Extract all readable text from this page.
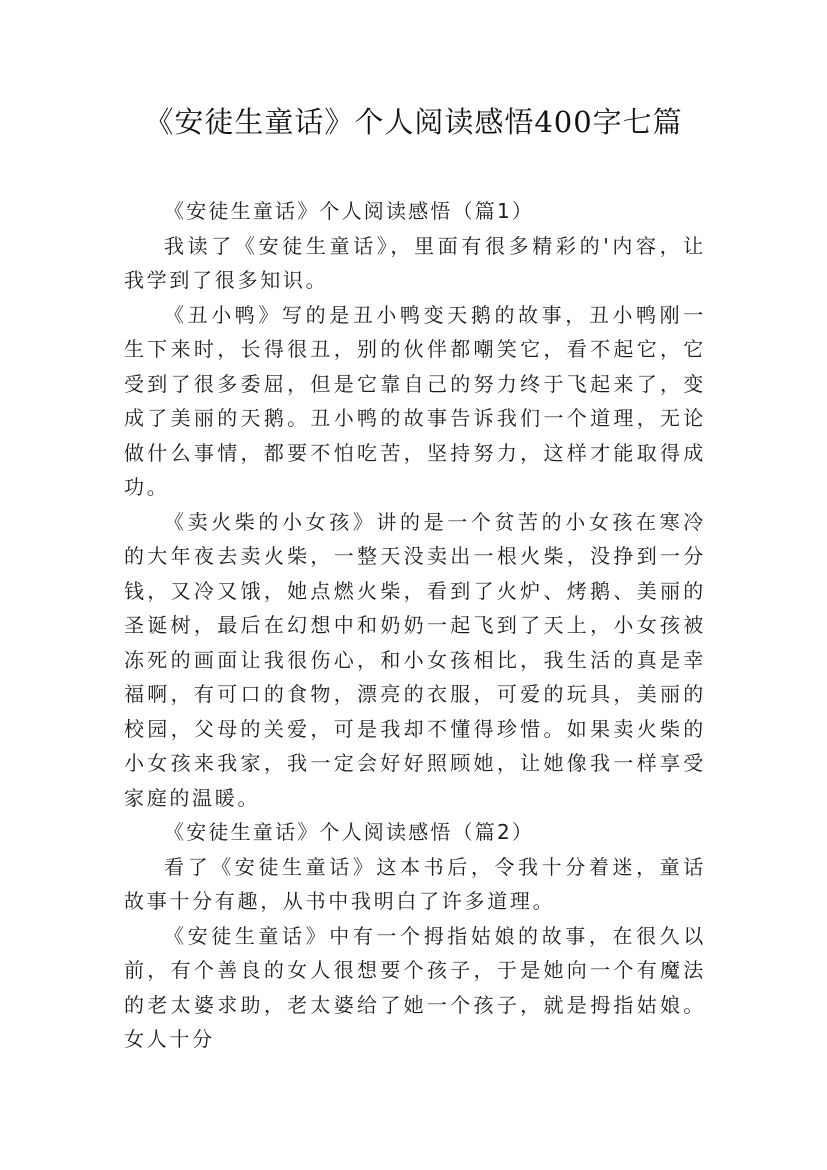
《安徒生童话》个人阅读感悟400字七篇

《安徒生童话》个人阅读感悟（篇1）

我读了《安徒生童话》，里面有很多精彩的'内容，让我学到了很多知识。

《丑小鸭》写的是丑小鸭变天鹅的故事，丑小鸭刚一生下来时，长得很丑，别的伙伴都嘲笑它，看不起它，它受到了很多委屈，但是它靠自己的努力终于飞起来了，变成了美丽的天鹅。丑小鸭的故事告诉我们一个道理，无论做什么事情，都要不怕吃苦，坚持努力，这样才能取得成功。

《卖火柴的小女孩》讲的是一个贫苦的小女孩在寒冷的大年夜去卖火柴，一整天没卖出一根火柴，没挣到一分钱，又冷又饿，她点燃火柴，看到了火炉、烤鹅、美丽的圣诞树，最后在幻想中和奶奶一起飞到了天上，小女孩被冻死的画面让我很伤心，和小女孩相比，我生活的真是幸福啊，有可口的食物，漂亮的衣服，可爱的玩具，美丽的校园，父母的关爱，可是我却不懂得珍惜。如果卖火柴的小女孩来我家，我一定会好好照顾她，让她像我一样享受家庭的温暖。

《安徒生童话》个人阅读感悟（篇2）

看了《安徒生童话》这本书后，令我十分着迷，童话故事十分有趣，从书中我明白了许多道理。

《安徒生童话》中有一个拇指姑娘的故事，在很久以前，有个善良的女人很想要个孩子，于是她向一个有魔法的老太婆求助，老太婆给了她一个孩子，就是拇指姑娘。女人十分
